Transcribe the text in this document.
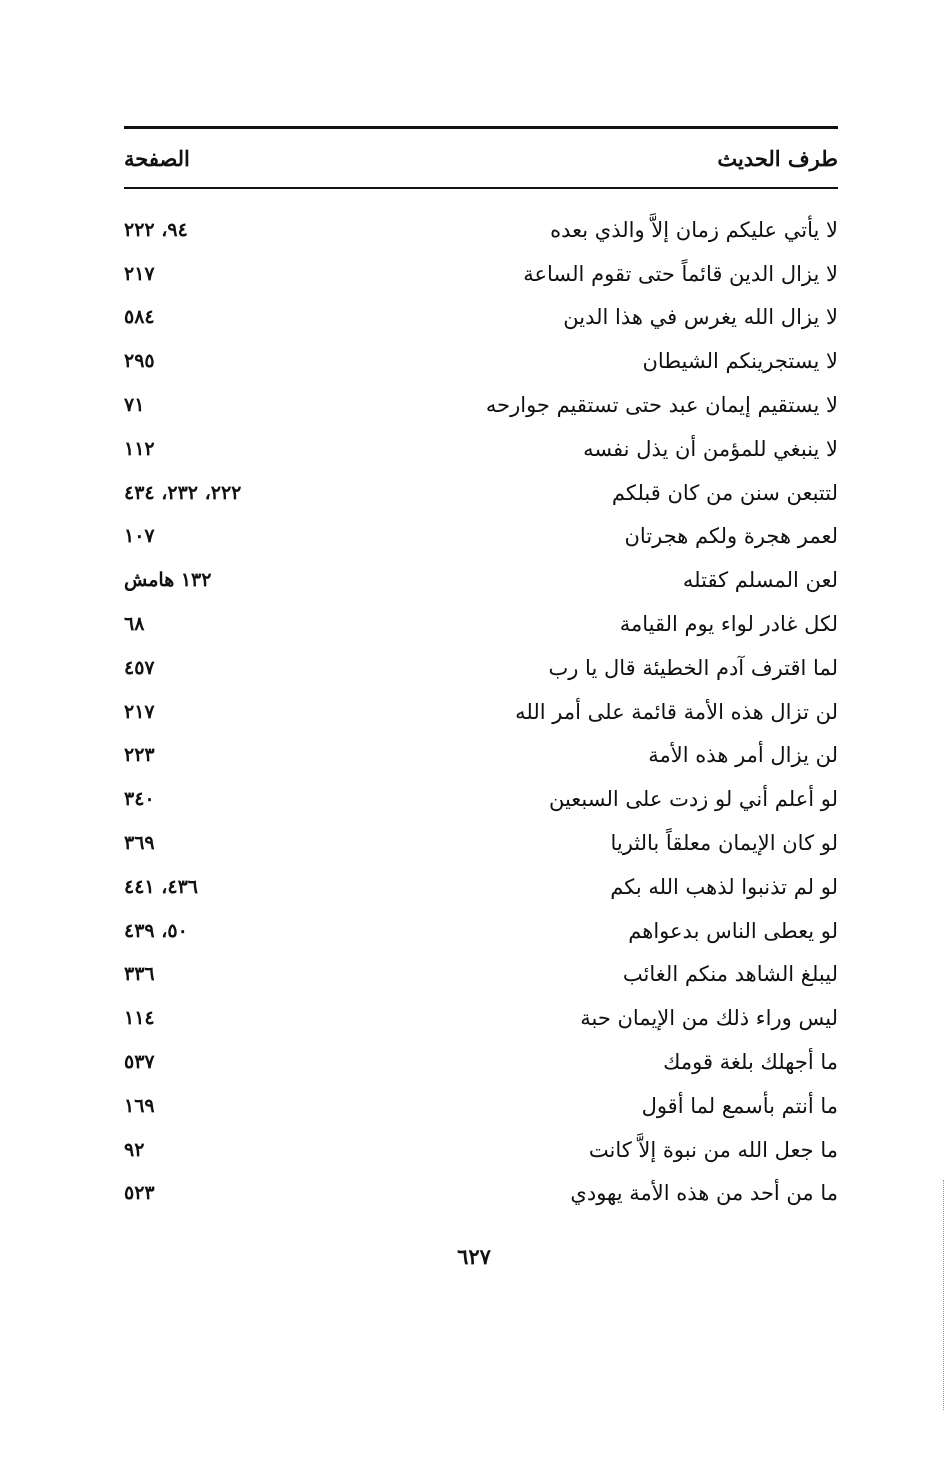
طرف الحديث
الصفحة
لا يأتي عليكم زمان إلاَّ والذي بعده
٩٤، ٢٢٢
لا يزال الدين قائماً حتى تقوم الساعة
٢١٧
لا يزال الله يغرس في هذا الدين
٥٨٤
لا يستجرينكم الشيطان
٢٩٥
لا يستقيم إيمان عبد حتى تستقيم جوارحه
٧١
لا ينبغي للمؤمن أن يذل نفسه
١١٢
لتتبعن سنن من كان قبلكم
٢٢٢، ٢٣٢، ٤٣٤
لعمر هجرة ولكم هجرتان
١٠٧
لعن المسلم كقتله
١٣٢ هامش
لكل غادر لواء يوم القيامة
٦٨
لما اقترف آدم الخطيئة قال يا رب
٤٥٧
لن تزال هذه الأمة قائمة على أمر الله
٢١٧
لن يزال أمر هذه الأمة
٢٢٣
لو أعلم أني لو زدت على السبعين
٣٤٠
لو كان الإيمان معلقاً بالثريا
٣٦٩
لو لم تذنبوا لذهب الله بكم
٤٣٦، ٤٤١
لو يعطى الناس بدعواهم
٥٠، ٤٣٩
ليبلغ الشاهد منكم الغائب
٣٣٦
ليس وراء ذلك من الإيمان حبة
١١٤
ما أجهلك بلغة قومك
٥٣٧
ما أنتم بأسمع لما أقول
١٦٩
ما جعل الله من نبوة إلاَّ كانت
٩٢
ما من أحد من هذه الأمة يهودي
٥٢٣
٦٢٧
